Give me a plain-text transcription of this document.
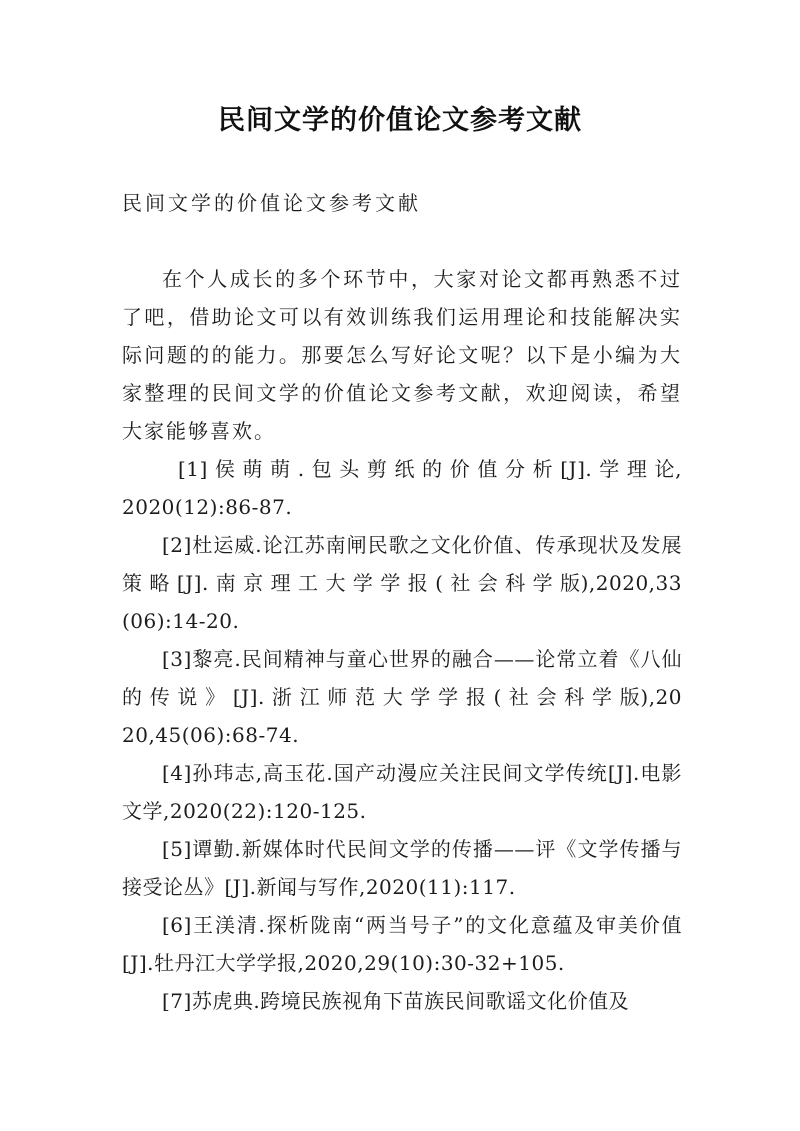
民间文学的价值论文参考文献

民间文学的价值论文参考文献

在个人成长的多个环节中，大家对论文都再熟悉不过了吧，借助论文可以有效训练我们运用理论和技能解决实际问题的的能力。那要怎么写好论文呢？以下是小编为大家整理的民间文学的价值论文参考文献，欢迎阅读，希望大家能够喜欢。

[1] 侯 萌 萌 . 包 头 剪 纸 的 价 值 分 析 [J]. 学 理 论,2020(12):86-87.
[2]杜运威.论江苏南闸民歌之文化价值、传承现状及发展 策 略 [J]. 南 京 理 工 大 学 学 报 ( 社 会 科 学 版),2020,33(06):14-20.
[3]黎亮.民间精神与童心世界的融合——论常立着《八仙 的 传 说 》 [J]. 浙 江 师 范 大 学 学 报 ( 社 会 科 学 版),2020,45(06):68-74.
[4]孙玮志,高玉花.国产动漫应关注民间文学传统[J].电影文学,2020(22):120-125.
[5]谭勤.新媒体时代民间文学的传播——评《文学传播与接受论丛》[J].新闻与写作,2020(11):117.
[6]王渼清.探析陇南“两当号子”的文化意蕴及审美价值[J].牡丹江大学学报,2020,29(10):30-32+105.
[7]苏虎典.跨境民族视角下苗族民间歌谣文化价值及
